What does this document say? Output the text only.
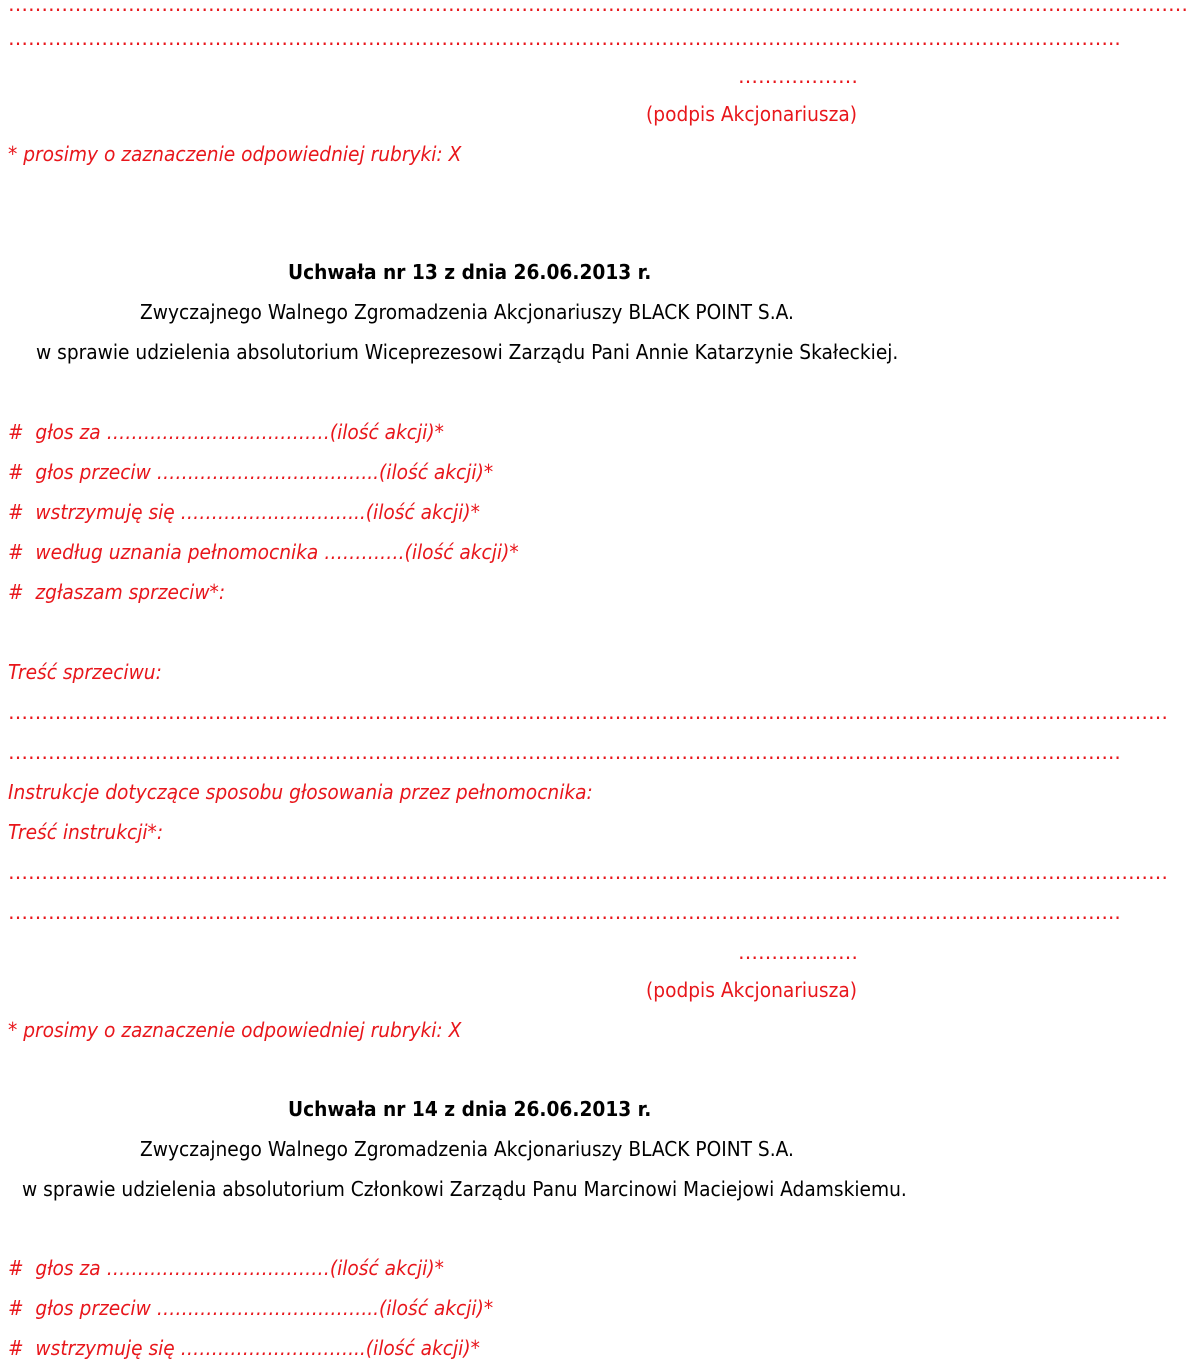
……………………………………………………………………………………………………………………………………………………………
…………………………………………………………………………………………………………………………………………………..
………………
(podpis Akcjonariusza)
* prosimy o zaznaczenie odpowiedniej rubryki: X
Uchwała nr 13 z dnia 26.06.2013 r.
Zwyczajnego Walnego Zgromadzenia Akcjonariuszy BLACK POINT S.A.
w sprawie udzielenia absolutorium Wiceprezesowi Zarządu Pani Annie Katarzynie Skałeckiej.
#  głos za ………………………………(ilość akcji)*
#  głos przeciw ……………………………...(ilość akcji)*
#  wstrzymuję się ………………………...(ilość akcji)*
#  według uznania pełnomocnika ………….(ilość akcji)*
#  zgłaszam sprzeciw*:
Treść sprzeciwu:
…………………………………………………………………………………………………………………………………………………………
…………………………………………………………………………………………………………………………………………………..
Instrukcje dotyczące sposobu głosowania przez pełnomocnika:
Treść instrukcji*:
…………………………………………………………………………………………………………………………………………………………
…………………………………………………………………………………………………………………………………………………..
………………
(podpis Akcjonariusza)
* prosimy o zaznaczenie odpowiedniej rubryki: X
Uchwała nr 14 z dnia 26.06.2013 r.
Zwyczajnego Walnego Zgromadzenia Akcjonariuszy BLACK POINT S.A.
w sprawie udzielenia absolutorium Członkowi Zarządu Panu Marcinowi Maciejowi Adamskiemu.
#  głos za ………………………………(ilość akcji)*
#  głos przeciw ……………………………...(ilość akcji)*
#  wstrzymuję się ………………………...(ilość akcji)*
